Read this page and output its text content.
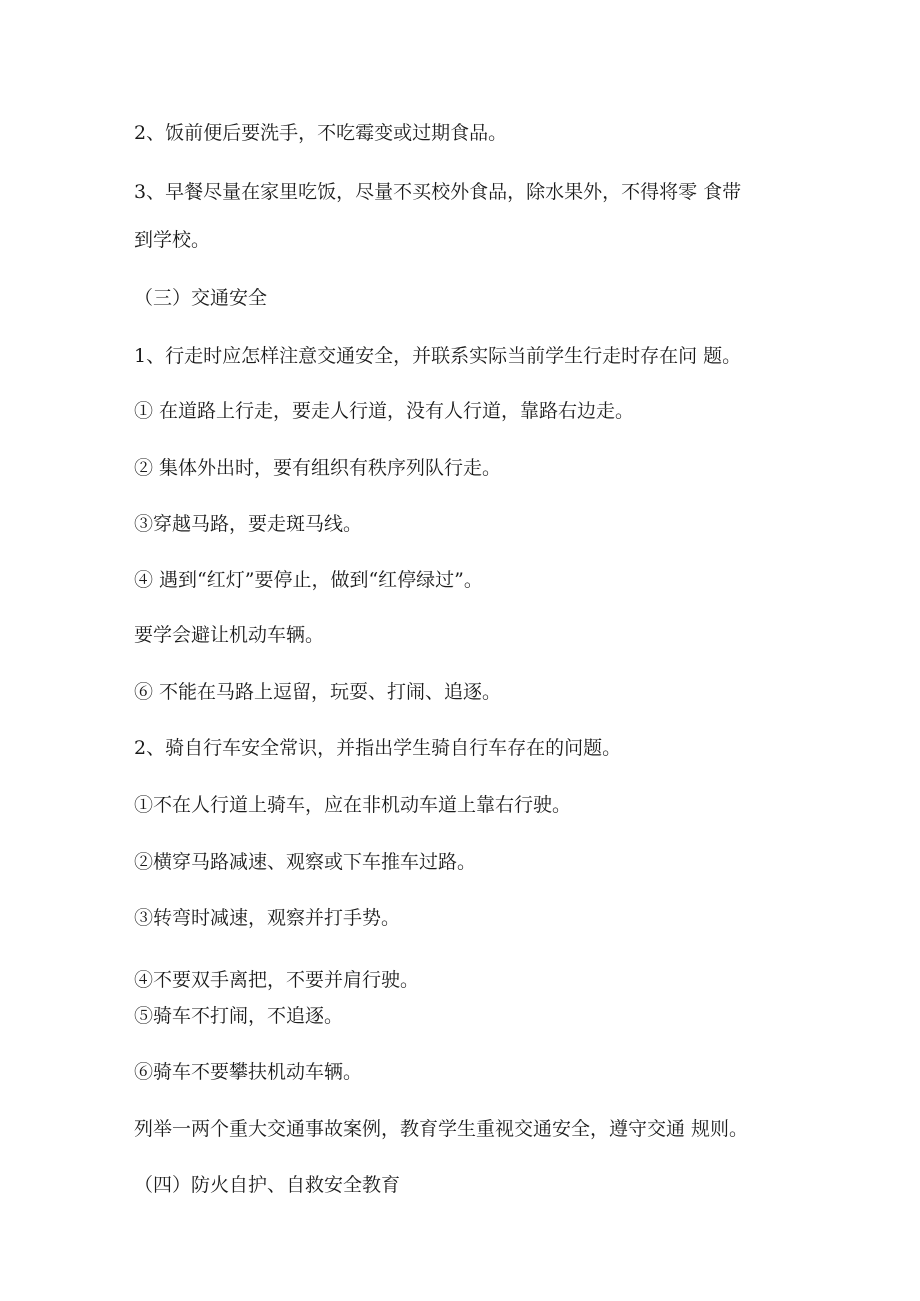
2、饭前便后要洗手，不吃霉变或过期食品。
3、早餐尽量在家里吃饭，尽量不买校外食品，除水果外，不得将零 食带
到学校。
（三）交通安全
1、行走时应怎样注意交通安全，并联系实际当前学生行走时存在问 题。
① 在道路上行走，要走人行道，没有人行道，靠路右边走。
② 集体外出时，要有组织有秩序列队行走。
③穿越马路，要走斑马线。
④ 遇到“红灯”要停止，做到“红停绿过”。
要学会避让机动车辆。
⑥ 不能在马路上逗留，玩耍、打闹、追逐。
2、骑自行车安全常识，并指出学生骑自行车存在的问题。
①不在人行道上骑车，应在非机动车道上靠右行驶。
②横穿马路减速、观察或下车推车过路。
③转弯时减速，观察并打手势。
④不要双手离把，不要并肩行驶。
⑤骑车不打闹，不追逐。
⑥骑车不要攀扶机动车辆。
列举一两个重大交通事故案例，教育学生重视交通安全，遵守交通 规则。
（四）防火自护、自救安全教育
